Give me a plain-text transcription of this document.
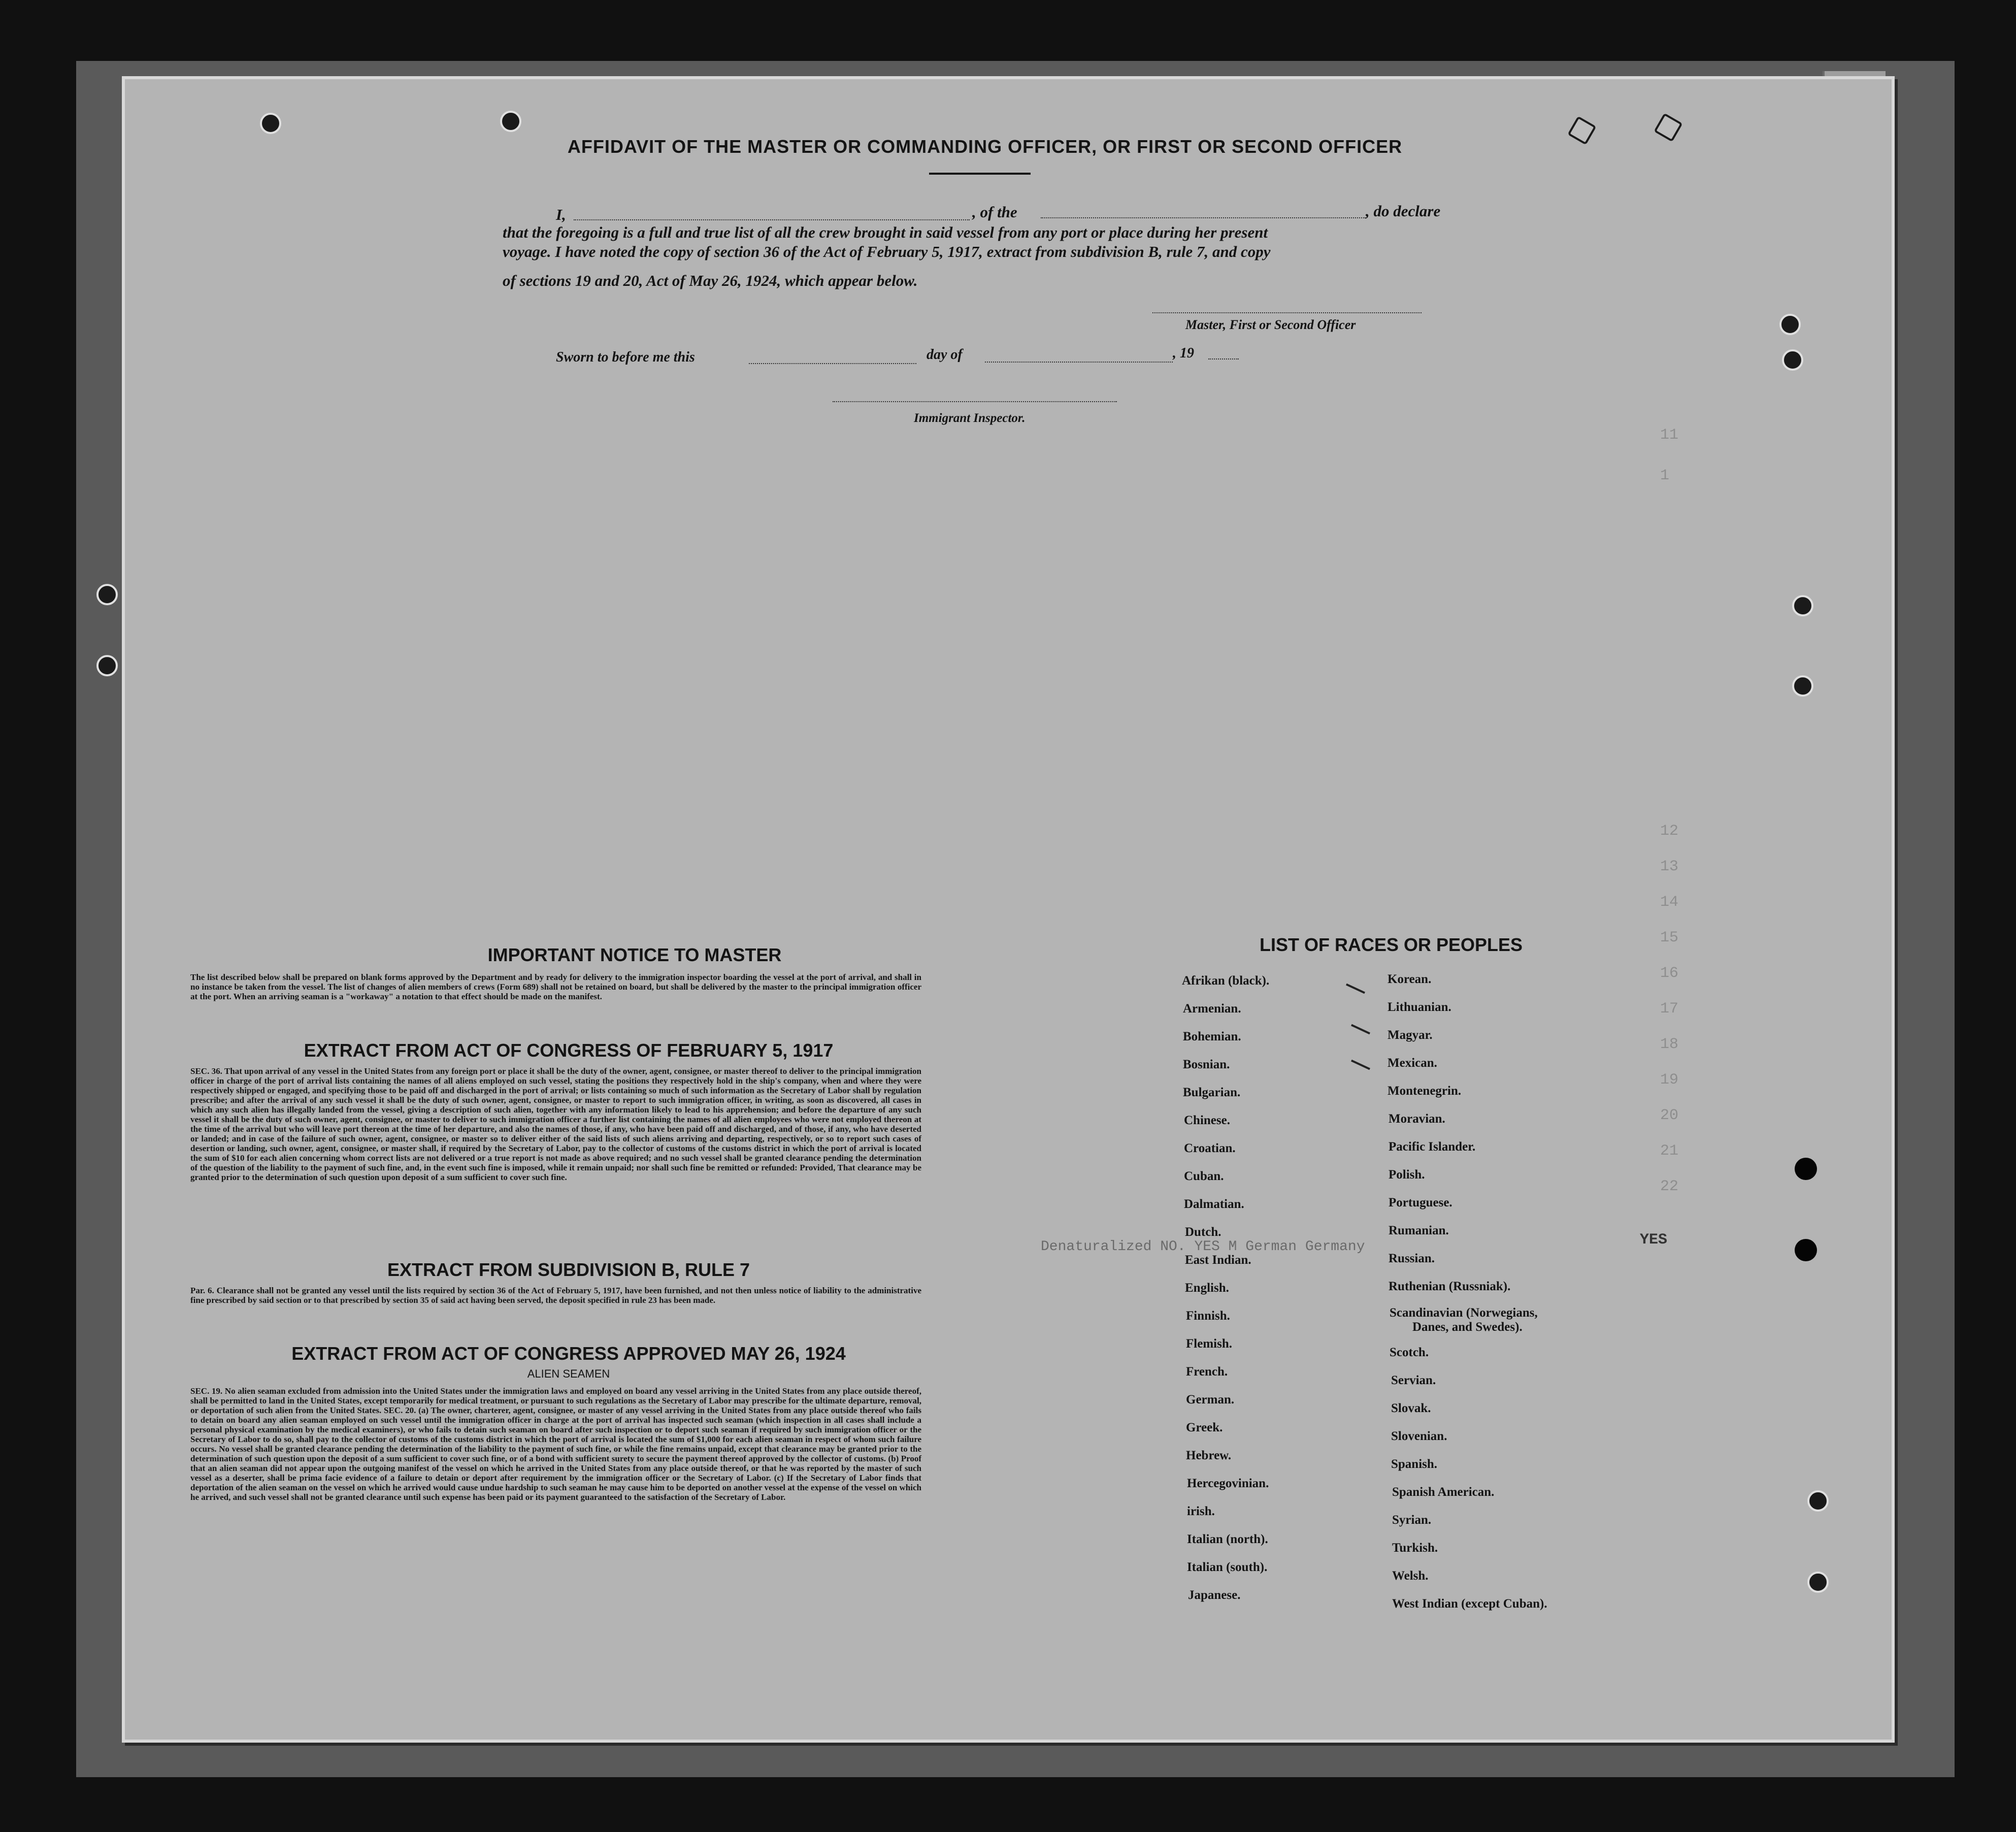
11
1
12
13
14
15
16
17
18
19
20
21
22
YES
Denaturalized NO. YES M German Germany
AFFIDAVIT OF THE MASTER OR COMMANDING OFFICER, OR FIRST OR SECOND OFFICER
I,	, of the	, do declare
that the foregoing is a full and true list of all the crew brought in said vessel from any port or place during her present
voyage. I have noted the copy of section 36 of the Act of February 5, 1917, extract from subdivision B, rule 7, and copy
of sections 19 and 20, Act of May 26, 1924, which appear below.
Master, First or Second Officer
Sworn to before me this	day of	, 19
Immigrant Inspector.
IMPORTANT NOTICE TO MASTER
The list described below shall be prepared on blank forms approved by the Department and by ready for delivery to the immigration inspector boarding the vessel at the port of arrival, and shall in no instance be taken from the vessel. The list of changes of alien members of crews (Form 689) shall not be retained on board, but shall be delivered by the master to the principal immigration officer at the port. When an arriving seaman is a "workaway" a notation to that effect should be made on the manifest.
EXTRACT FROM ACT OF CONGRESS OF FEBRUARY 5, 1917
SEC. 36. That upon arrival of any vessel in the United States from any foreign port or place it shall be the duty of the owner, agent, consignee, or master thereof to deliver to the principal immigration officer in charge of the port of arrival lists containing the names of all aliens employed on such vessel, stating the positions they respectively hold in the ship's company, when and where they were respectively shipped or engaged, and specifying those to be paid off and discharged in the port of arrival; or lists containing so much of such information as the Secretary of Labor shall by regulation prescribe; and after the arrival of any such vessel it shall be the duty of such owner, agent, consignee, or master to report to such immigration officer, in writing, as soon as discovered, all cases in which any such alien has illegally landed from the vessel, giving a description of such alien, together with any information likely to lead to his apprehension; and before the departure of any such vessel it shall be the duty of such owner, agent, consignee, or master to deliver to such immigration officer a further list containing the names of all alien employees who were not employed thereon at the time of the arrival but who will leave port thereon at the time of her departure, and also the names of those, if any, who have been paid off and discharged, and of those, if any, who have deserted or landed; and in case of the failure of such owner, agent, consignee, or master so to deliver either of the said lists of such aliens arriving and departing, respectively, or so to report such cases of desertion or landing, such owner, agent, consignee, or master shall, if required by the Secretary of Labor, pay to the collector of customs of the customs district in which the port of arrival is located the sum of $10 for each alien concerning whom correct lists are not delivered or a true report is not made as above required; and no such vessel shall be granted clearance pending the determination of the question of the liability to the payment of such fine, and, in the event such fine is imposed, while it remain unpaid; nor shall such fine be remitted or refunded: Provided, That clearance may be granted prior to the determination of such question upon deposit of a sum sufficient to cover such fine.
EXTRACT FROM SUBDIVISION B, RULE 7
Par. 6. Clearance shall not be granted any vessel until the lists required by section 36 of the Act of February 5, 1917, have been furnished, and not then unless notice of liability to the administrative fine prescribed by said section or to that prescribed by section 35 of said act having been served, the deposit specified in rule 23 has been made.
EXTRACT FROM ACT OF CONGRESS APPROVED MAY 26, 1924
ALIEN SEAMEN
SEC. 19. No alien seaman excluded from admission into the United States under the immigration laws and employed on board any vessel arriving in the United States from any place outside thereof, shall be permitted to land in the United States, except temporarily for medical treatment, or pursuant to such regulations as the Secretary of Labor may prescribe for the ultimate departure, removal, or deportation of such alien from the United States. SEC. 20. (a) The owner, charterer, agent, consignee, or master of any vessel arriving in the United States from any place outside thereof who fails to detain on board any alien seaman employed on such vessel until the immigration officer in charge at the port of arrival has inspected such seaman (which inspection in all cases shall include a personal physical examination by the medical examiners), or who fails to detain such seaman on board after such inspection or to deport such seaman if required by such immigration officer or the Secretary of Labor to do so, shall pay to the collector of customs of the customs district in which the port of arrival is located the sum of $1,000 for each alien seaman in respect of whom such failure occurs. No vessel shall be granted clearance pending the determination of the liability to the payment of such fine, or while the fine remains unpaid, except that clearance may be granted prior to the determination of such question upon the deposit of a sum sufficient to cover such fine, or of a bond with sufficient surety to secure the payment thereof approved by the collector of customs. (b) Proof that an alien seaman did not appear upon the outgoing manifest of the vessel on which he arrived in the United States from any place outside thereof, or that he was reported by the master of such vessel as a deserter, shall be prima facie evidence of a failure to detain or deport after requirement by the immigration officer or the Secretary of Labor. (c) If the Secretary of Labor finds that deportation of the alien seaman on the vessel on which he arrived would cause undue hardship to such seaman he may cause him to be deported on another vessel at the expense of the vessel on which he arrived, and such vessel shall not be granted clearance until such expense has been paid or its payment guaranteed to the satisfaction of the Secretary of Labor.
LIST OF RACES OR PEOPLES
Afrikan (black).
Armenian.
Bohemian.
Bosnian.
Bulgarian.
Chinese.
Croatian.
Cuban.
Dalmatian.
Dutch.
East Indian.
English.
Finnish.
Flemish.
French.
German.
Greek.
Hebrew.
Hercegovinian.
irish.
Italian (north).
Italian (south).
Japanese.
Korean.
Lithuanian.
Magyar.
Mexican.
Montenegrin.
Moravian.
Pacific Islander.
Polish.
Portuguese.
Rumanian.
Russian.
Ruthenian (Russniak).
Scandinavian (Norwegians,
Danes, and Swedes).
Scotch.
Servian.
Slovak.
Slovenian.
Spanish.
Spanish American.
Syrian.
Turkish.
Welsh.
West Indian (except Cuban).
